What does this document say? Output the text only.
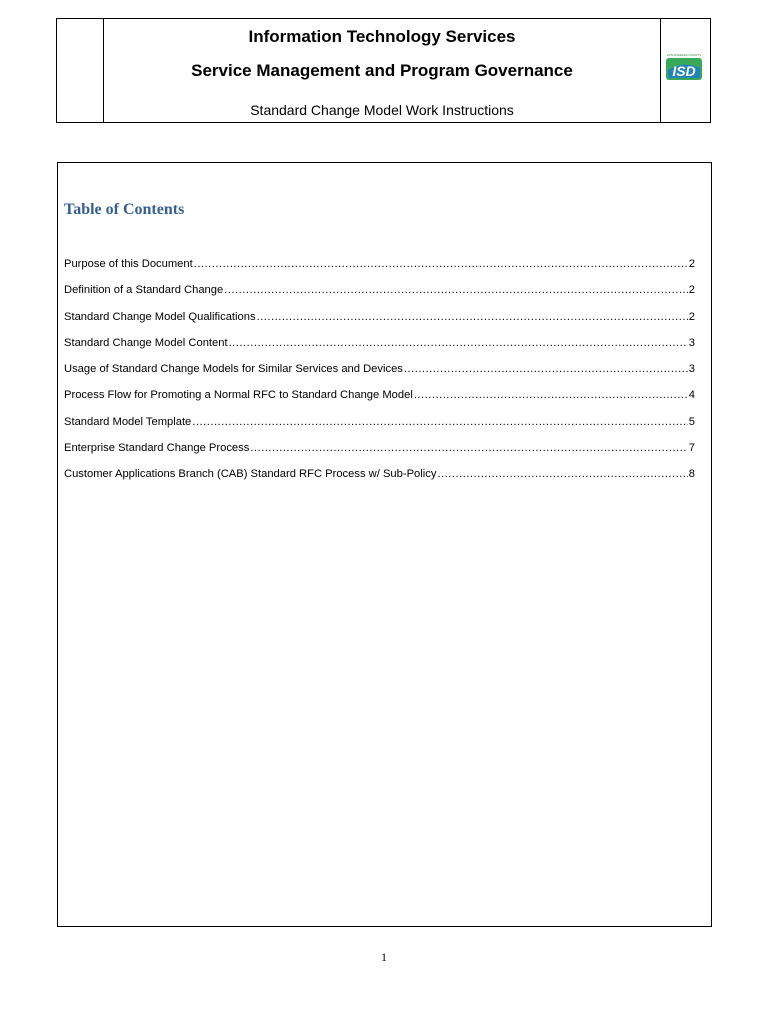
Information Technology Services
Service Management and Program Governance
Standard Change Model Work Instructions
LOS ANGELES COUNTY
ISD
Table of Contents
Purpose of this Document .....	2
Definition of a Standard Change .....	2
Standard Change Model Qualifications .....	2
Standard Change Model Content .....	3
Usage of Standard Change Models for Similar Services and Devices .....	3
Process Flow for Promoting a Normal RFC to Standard Change Model .....	4
Standard Model Template .....	5
Enterprise Standard Change Process .....	7
Customer Applications Branch (CAB) Standard RFC Process w/ Sub-Policy .....	8
1
